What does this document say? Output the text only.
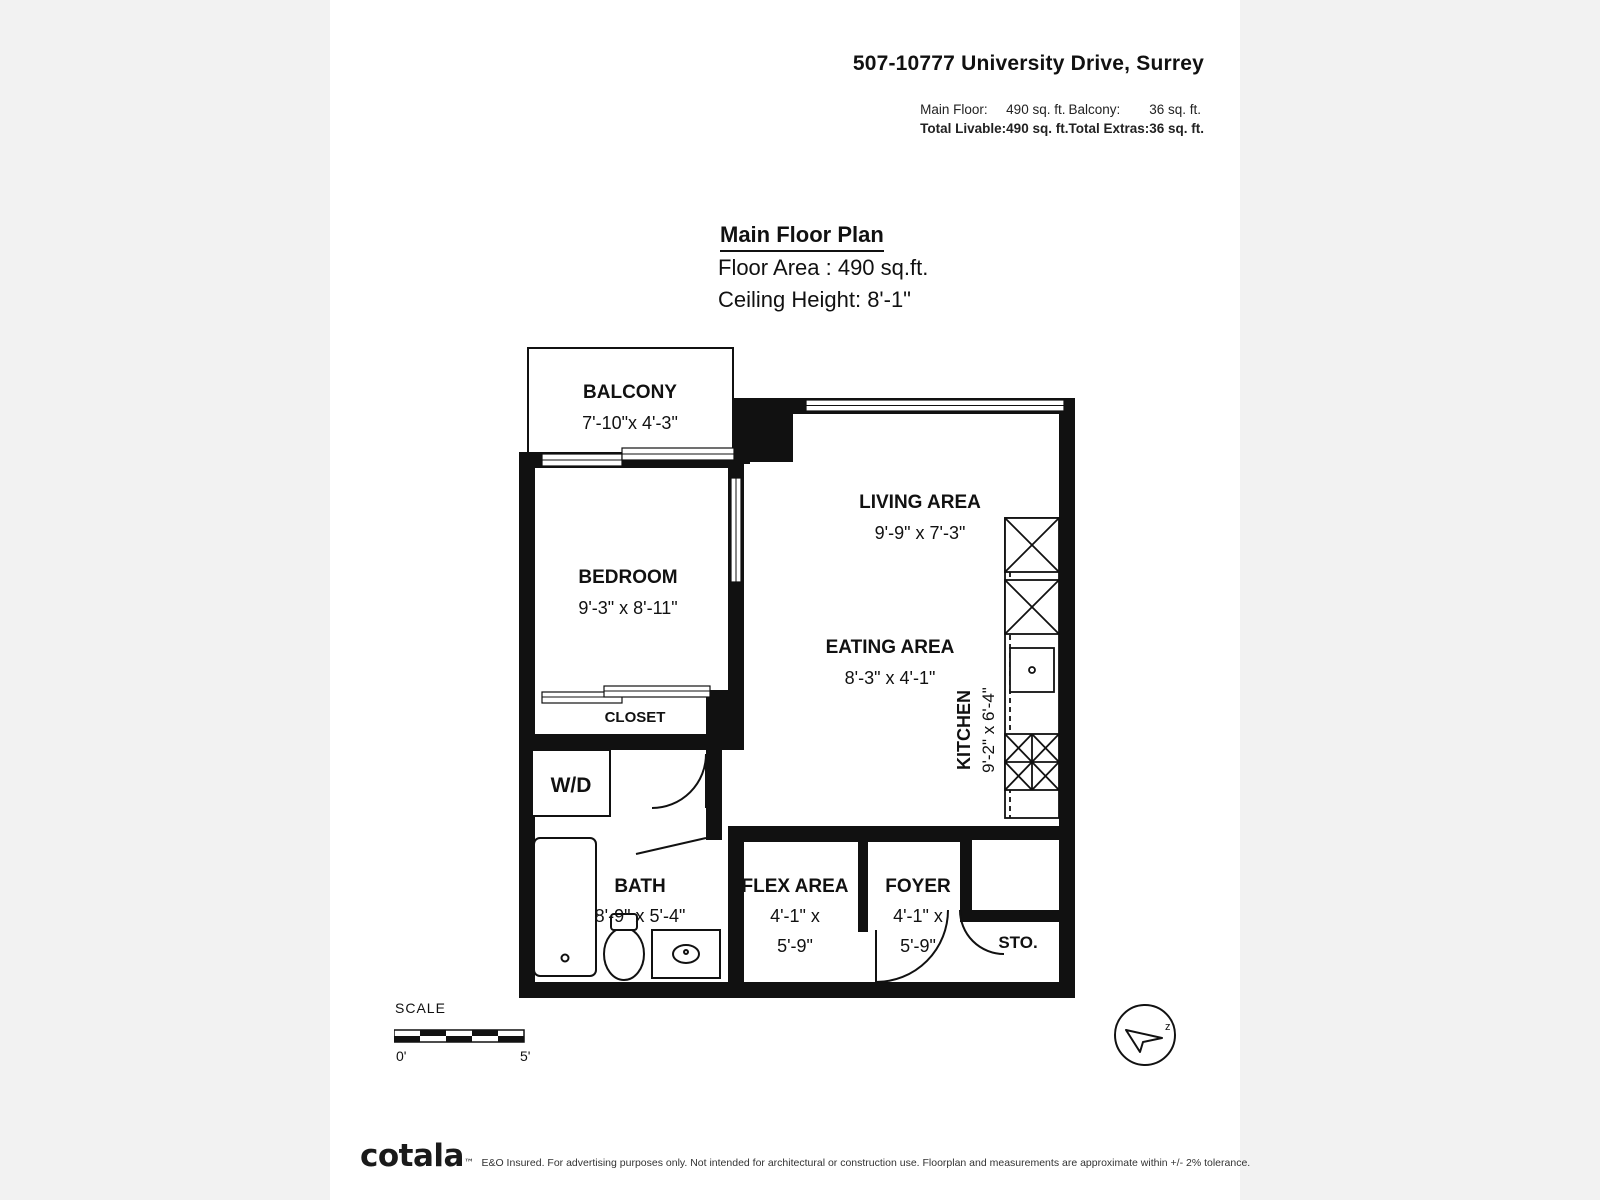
507-10777 University Drive, Surrey
Main Floor:	490 sq. ft.	Balcony:	36 sq. ft.
Total Livable:	490 sq. ft.	Total Extras:	36 sq. ft.
Main Floor Plan
Floor Area : 490 sq.ft.
Ceiling Height: 8'-1"
BALCONY
7'-10"x 4'-3"
LIVING AREA
9'-9" x 7'-3"
BEDROOM
9'-3" x 8'-11"
EATING AREA
8'-3" x 4'-1"
KITCHEN 9'-2" x 6'-4"
CLOSET
W/D
BATH
8'-9" x 5'-4"
FLEX AREA
4'-1" x
5'-9"
FOYER
4'-1" x
5'-9"	STO.
SCALE
0'	5'
z
cotala™ E&O Insured. For advertising purposes only. Not intended for architectural or construction use. Floorplan and measurements are approximate within +/- 2% tolerance.
